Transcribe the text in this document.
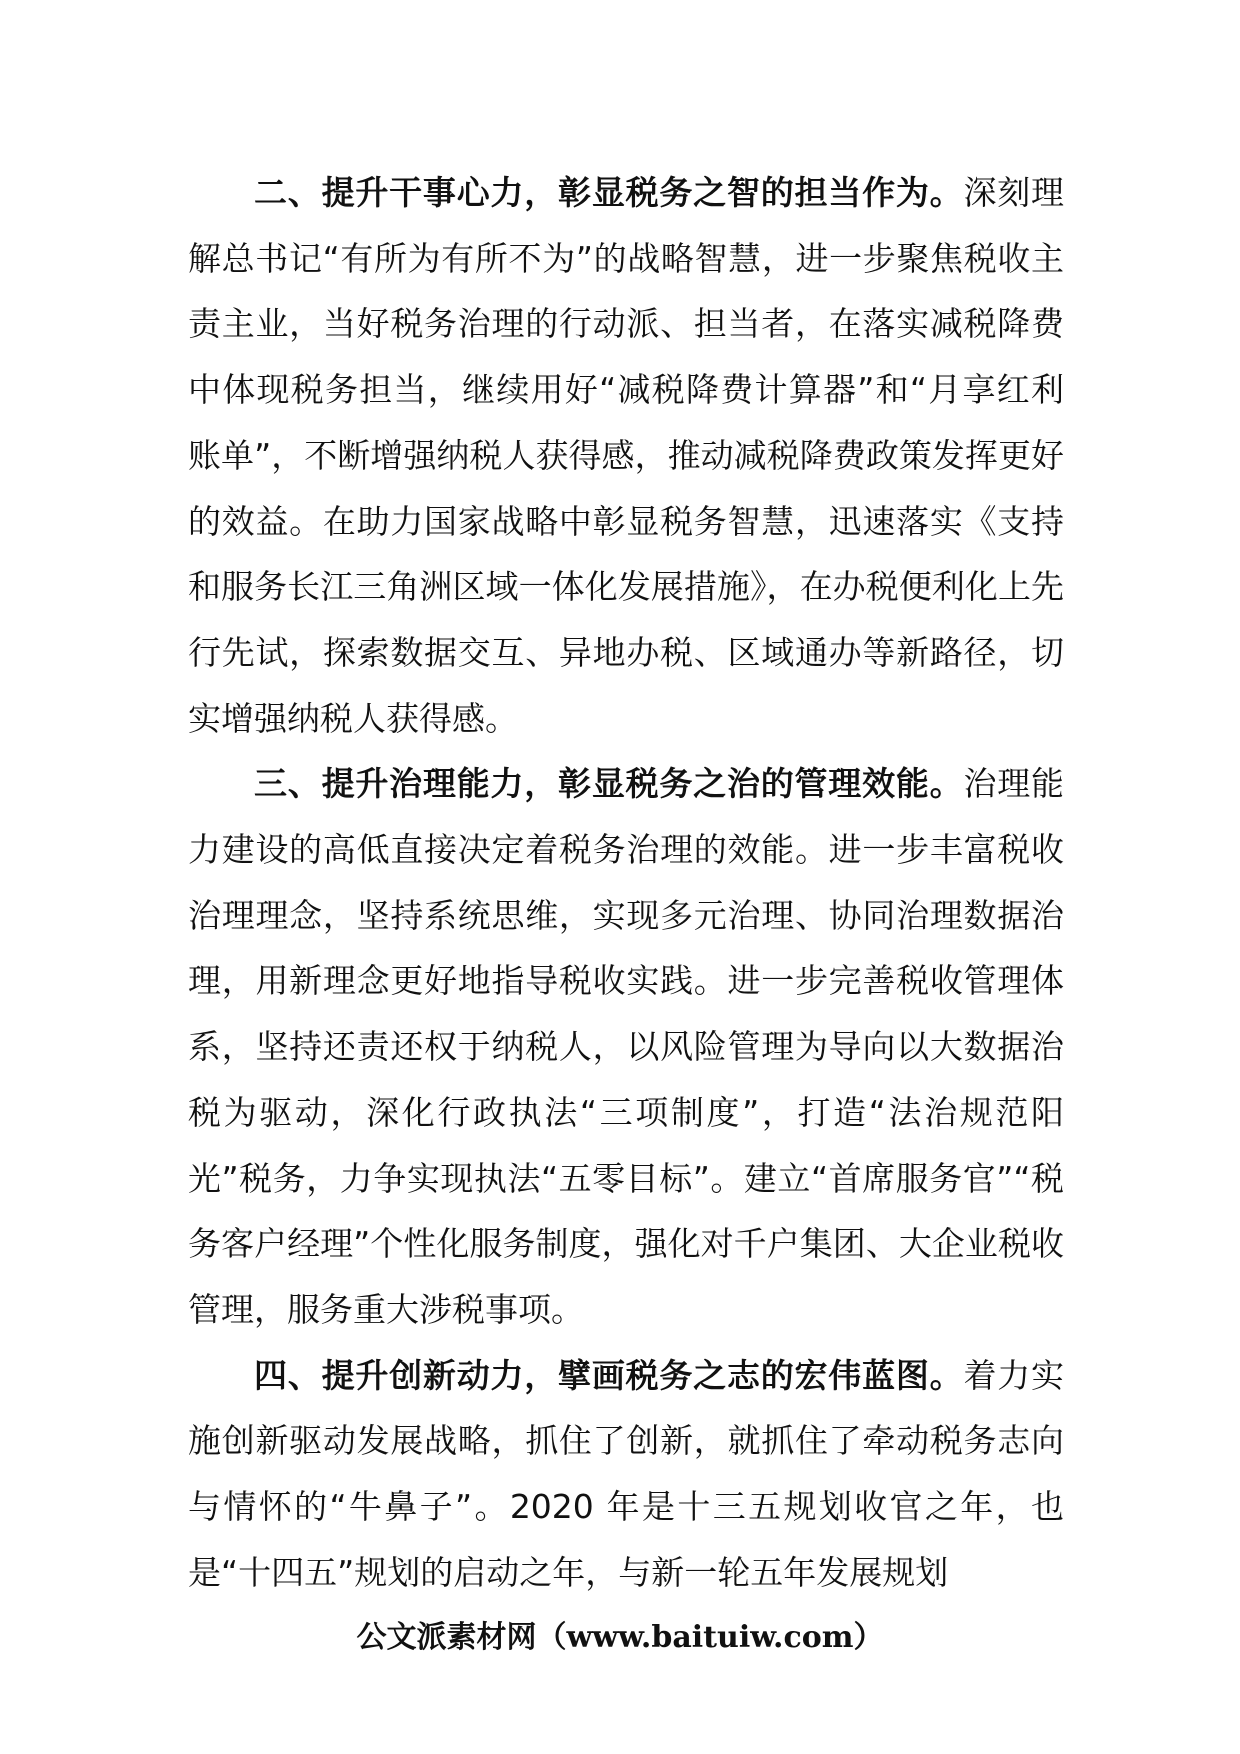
二、提升干事心力，彰显税务之智的担当作为。深刻理解总书记“有所为有所不为”的战略智慧，进一步聚焦税收主责主业，当好税务治理的行动派、担当者，在落实减税降费中体现税务担当，继续用好“减税降费计算器”和“月享红利账单”，不断增强纳税人获得感，推动减税降费政策发挥更好的效益。在助力国家战略中彰显税务智慧，迅速落实《支持和服务长江三角洲区域一体化发展措施》，在办税便利化上先行先试，探索数据交互、异地办税、区域通办等新路径，切实增强纳税人获得感。

三、提升治理能力，彰显税务之治的管理效能。治理能力建设的高低直接决定着税务治理的效能。进一步丰富税收治理理念，坚持系统思维，实现多元治理、协同治理数据治理，用新理念更好地指导税收实践。进一步完善税收管理体系，坚持还责还权于纳税人，以风险管理为导向以大数据治税为驱动，深化行政执法“三项制度”，打造“法治规范阳光”税务，力争实现执法“五零目标”。建立“首席服务官”“税务客户经理”个性化服务制度，强化对千户集团、大企业税收管理，服务重大涉税事项。

四、提升创新动力，擘画税务之志的宏伟蓝图。着力实施创新驱动发展战略，抓住了创新，就抓住了牵动税务志向与情怀的“牛鼻子”。2020 年是十三五规划收官之年，也是“十四五”规划的启动之年，与新一轮五年发展规划

公文派素材网（www.baituiw.com）
